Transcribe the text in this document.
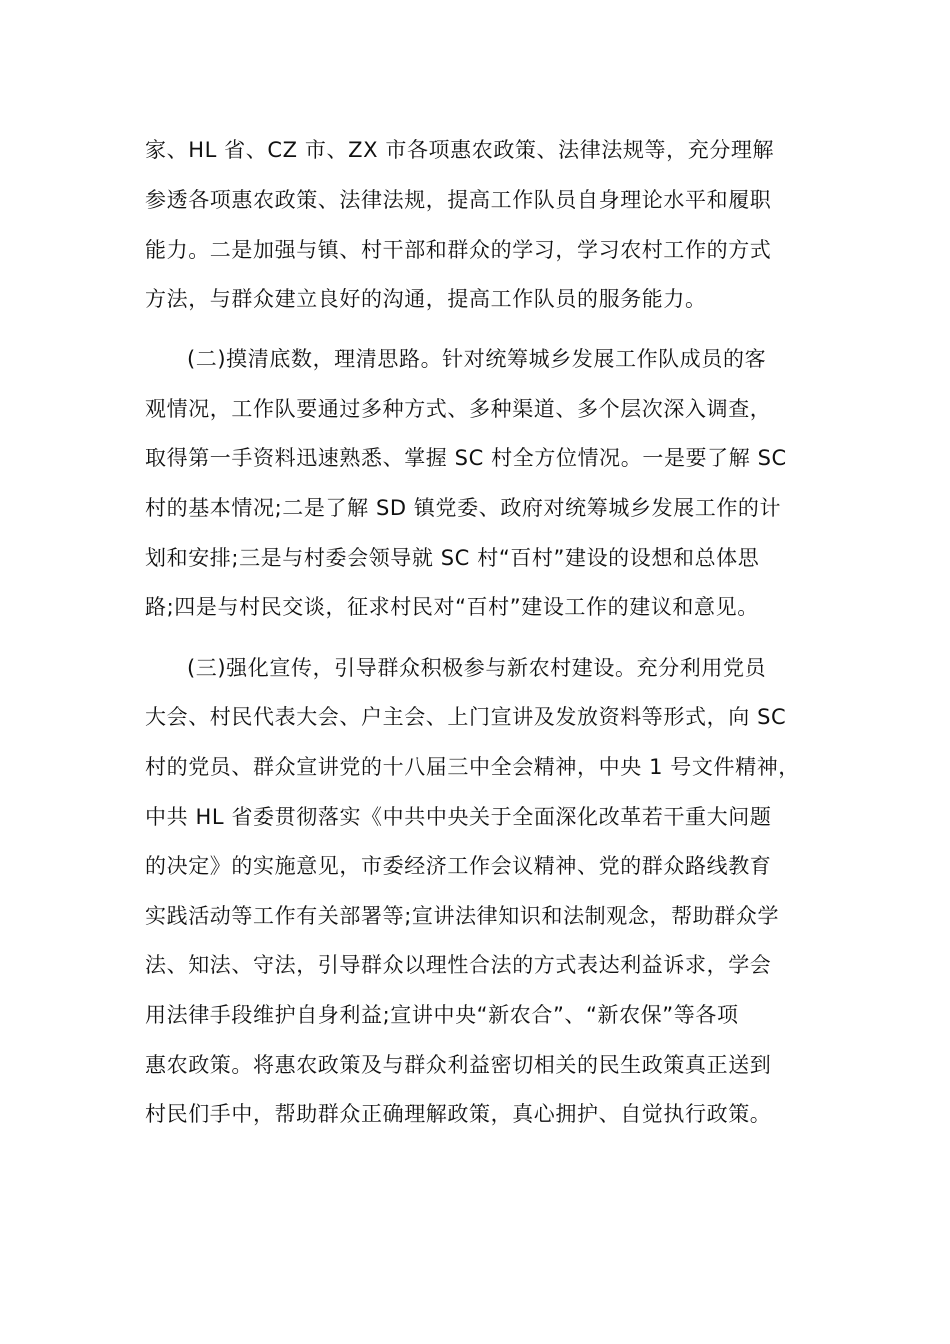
家、HL 省、CZ 市、ZX 市各项惠农政策、法律法规等，充分理解
参透各项惠农政策、法律法规，提高工作队员自身理论水平和履职
能力。二是加强与镇、村干部和群众的学习，学习农村工作的方式
方法，与群众建立良好的沟通，提高工作队员的服务能力。
(二)摸清底数，理清思路。针对统筹城乡发展工作队成员的客
观情况，工作队要通过多种方式、多种渠道、多个层次深入调查，
取得第一手资料迅速熟悉、掌握 SC 村全方位情况。一是要了解 SC
村的基本情况;二是了解 SD 镇党委、政府对统筹城乡发展工作的计
划和安排;三是与村委会领导就 SC 村“百村”建设的设想和总体思
路;四是与村民交谈，征求村民对“百村”建设工作的建议和意见。
(三)强化宣传，引导群众积极参与新农村建设。充分利用党员
大会、村民代表大会、户主会、上门宣讲及发放资料等形式，向 SC
村的党员、群众宣讲党的十八届三中全会精神，中央 1 号文件精神，
中共 HL 省委贯彻落实《中共中央关于全面深化改革若干重大问题
的决定》的实施意见，市委经济工作会议精神、党的群众路线教育
实践活动等工作有关部署等;宣讲法律知识和法制观念，帮助群众学
法、知法、守法，引导群众以理性合法的方式表达利益诉求，学会
用法律手段维护自身利益;宣讲中央“新农合”、“新农保”等各项
惠农政策。将惠农政策及与群众利益密切相关的民生政策真正送到
村民们手中，帮助群众正确理解政策，真心拥护、自觉执行政策。
